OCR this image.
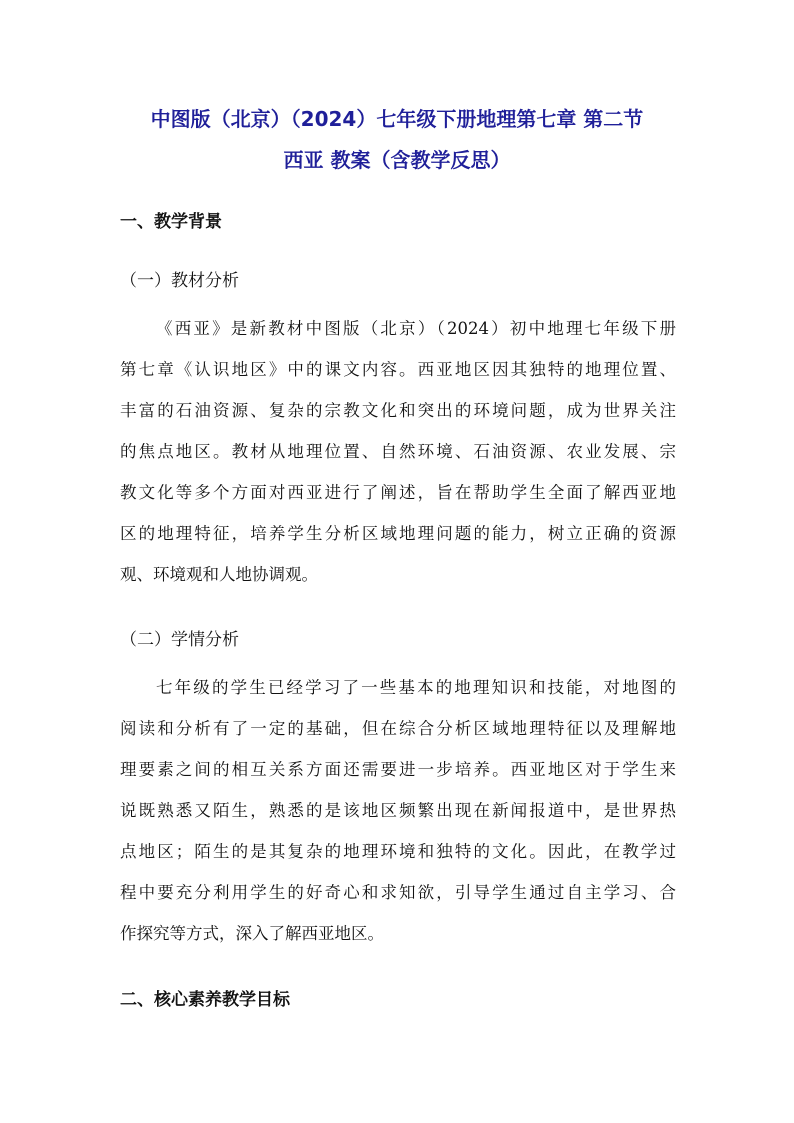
中图版（北京）（2024）七年级下册地理第七章 第二节
西亚 教案（含教学反思）
一、教学背景
（一）教材分析
《西亚》是新教材中图版（北京）（2024）初中地理七年级下册
第七章《认识地区》中的课文内容。西亚地区因其独特的地理位置、
丰富的石油资源、复杂的宗教文化和突出的环境问题，成为世界关注
的焦点地区。教材从地理位置、自然环境、石油资源、农业发展、宗
教文化等多个方面对西亚进行了阐述，旨在帮助学生全面了解西亚地
区的地理特征，培养学生分析区域地理问题的能力，树立正确的资源
观、环境观和人地协调观。
（二）学情分析
七年级的学生已经学习了一些基本的地理知识和技能，对地图的
阅读和分析有了一定的基础，但在综合分析区域地理特征以及理解地
理要素之间的相互关系方面还需要进一步培养。西亚地区对于学生来
说既熟悉又陌生，熟悉的是该地区频繁出现在新闻报道中，是世界热
点地区；陌生的是其复杂的地理环境和独特的文化。因此，在教学过
程中要充分利用学生的好奇心和求知欲，引导学生通过自主学习、合
作探究等方式，深入了解西亚地区。
二、核心素养教学目标
